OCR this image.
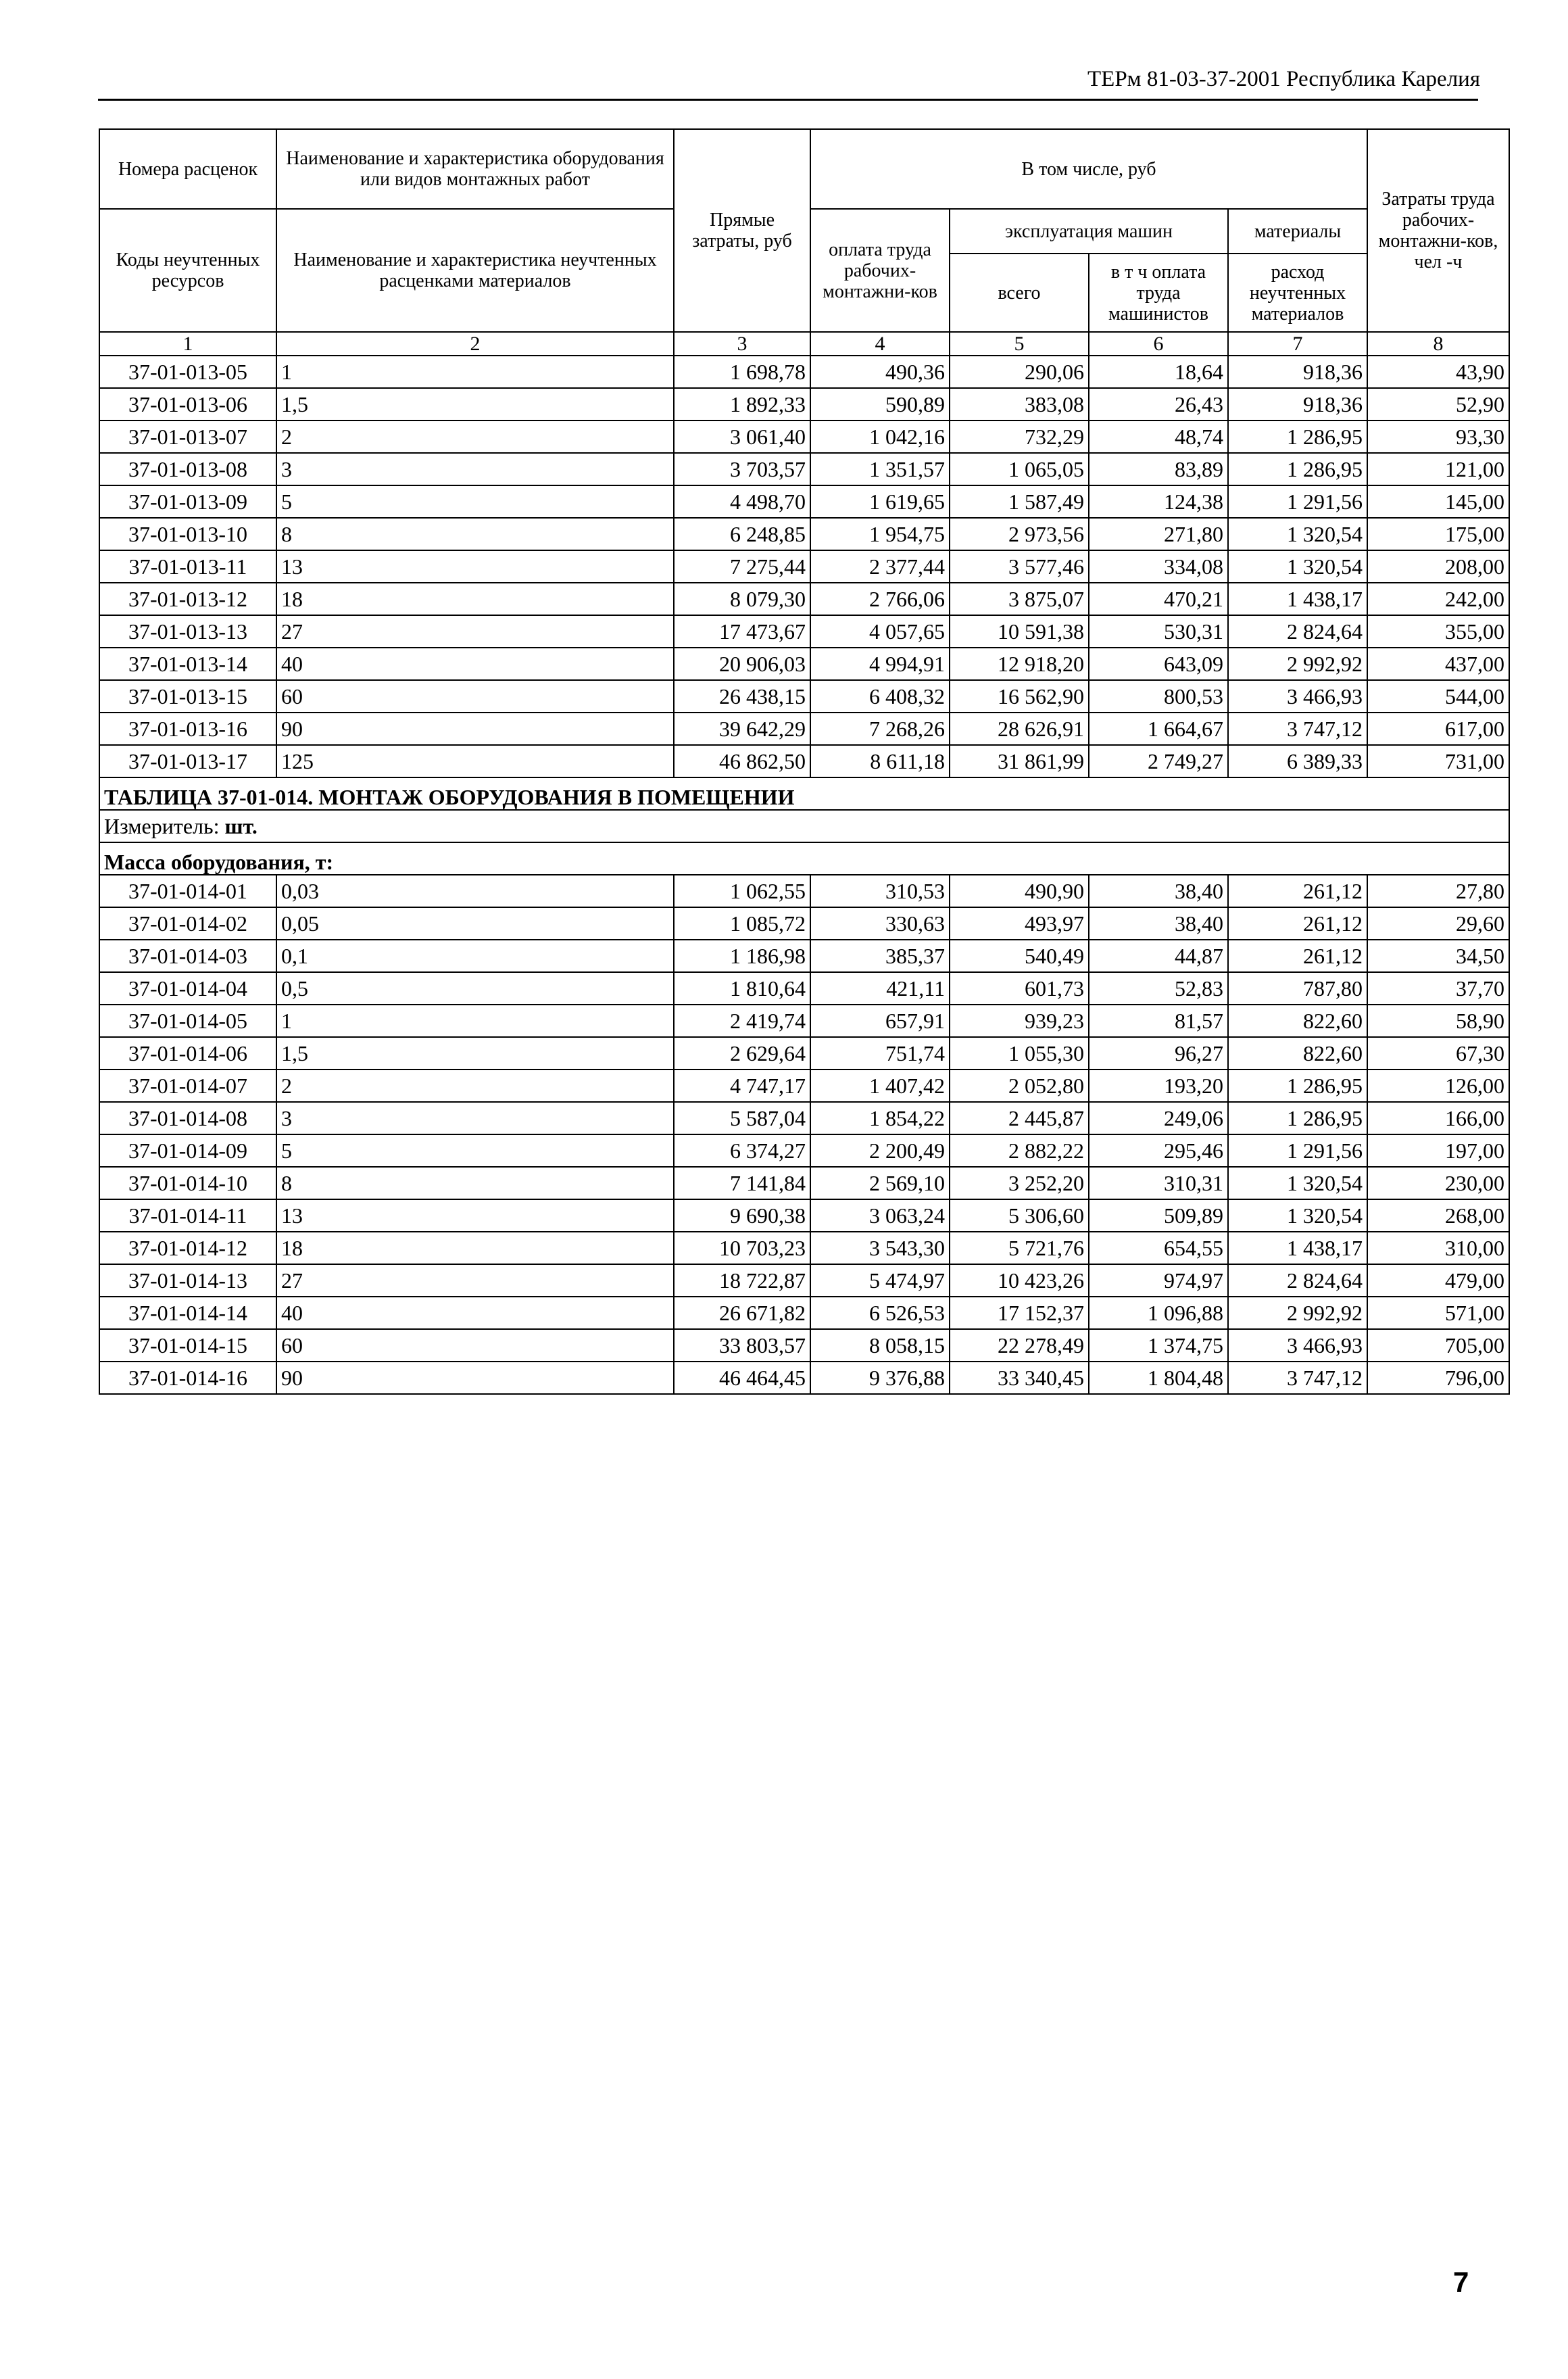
ТЕРм 81-03-37-2001 Республика Карелия
Номера расценок	Наименование и характеристика оборудования или видов монтажных работ	Прямые затраты, руб	В том числе, руб				Затраты труда рабочих-монтажни-ков, чел -ч
Коды неучтенных ресурсов	Наименование и характеристика неучтенных расценками материалов		оплата труда рабочих-монтажни-ков	эксплуатация машин		материалы	
				всего	в т ч оплата труда машинистов	расход неучтенных материалов	
1	2	3	4	5	6	7	8
37-01-013-05	1	1 698,78	490,36	290,06	18,64	918,36	43,90
37-01-013-06	1,5	1 892,33	590,89	383,08	26,43	918,36	52,90
37-01-013-07	2	3 061,40	1 042,16	732,29	48,74	1 286,95	93,30
37-01-013-08	3	3 703,57	1 351,57	1 065,05	83,89	1 286,95	121,00
37-01-013-09	5	4 498,70	1 619,65	1 587,49	124,38	1 291,56	145,00
37-01-013-10	8	6 248,85	1 954,75	2 973,56	271,80	1 320,54	175,00
37-01-013-11	13	7 275,44	2 377,44	3 577,46	334,08	1 320,54	208,00
37-01-013-12	18	8 079,30	2 766,06	3 875,07	470,21	1 438,17	242,00
37-01-013-13	27	17 473,67	4 057,65	10 591,38	530,31	2 824,64	355,00
37-01-013-14	40	20 906,03	4 994,91	12 918,20	643,09	2 992,92	437,00
37-01-013-15	60	26 438,15	6 408,32	16 562,90	800,53	3 466,93	544,00
37-01-013-16	90	39 642,29	7 268,26	28 626,91	1 664,67	3 747,12	617,00
37-01-013-17	125	46 862,50	8 611,18	31 861,99	2 749,27	6 389,33	731,00
ТАБЛИЦА 37-01-014. МОНТАЖ ОБОРУДОВАНИЯ В ПОМЕЩЕНИИ							
Измеритель: шт.							
Масса оборудования, т:							
37-01-014-01	0,03	1 062,55	310,53	490,90	38,40	261,12	27,80
37-01-014-02	0,05	1 085,72	330,63	493,97	38,40	261,12	29,60
37-01-014-03	0,1	1 186,98	385,37	540,49	44,87	261,12	34,50
37-01-014-04	0,5	1 810,64	421,11	601,73	52,83	787,80	37,70
37-01-014-05	1	2 419,74	657,91	939,23	81,57	822,60	58,90
37-01-014-06	1,5	2 629,64	751,74	1 055,30	96,27	822,60	67,30
37-01-014-07	2	4 747,17	1 407,42	2 052,80	193,20	1 286,95	126,00
37-01-014-08	3	5 587,04	1 854,22	2 445,87	249,06	1 286,95	166,00
37-01-014-09	5	6 374,27	2 200,49	2 882,22	295,46	1 291,56	197,00
37-01-014-10	8	7 141,84	2 569,10	3 252,20	310,31	1 320,54	230,00
37-01-014-11	13	9 690,38	3 063,24	5 306,60	509,89	1 320,54	268,00
37-01-014-12	18	10 703,23	3 543,30	5 721,76	654,55	1 438,17	310,00
37-01-014-13	27	18 722,87	5 474,97	10 423,26	974,97	2 824,64	479,00
37-01-014-14	40	26 671,82	6 526,53	17 152,37	1 096,88	2 992,92	571,00
37-01-014-15	60	33 803,57	8 058,15	22 278,49	1 374,75	3 466,93	705,00
37-01-014-16	90	46 464,45	9 376,88	33 340,45	1 804,48	3 747,12	796,00
7
